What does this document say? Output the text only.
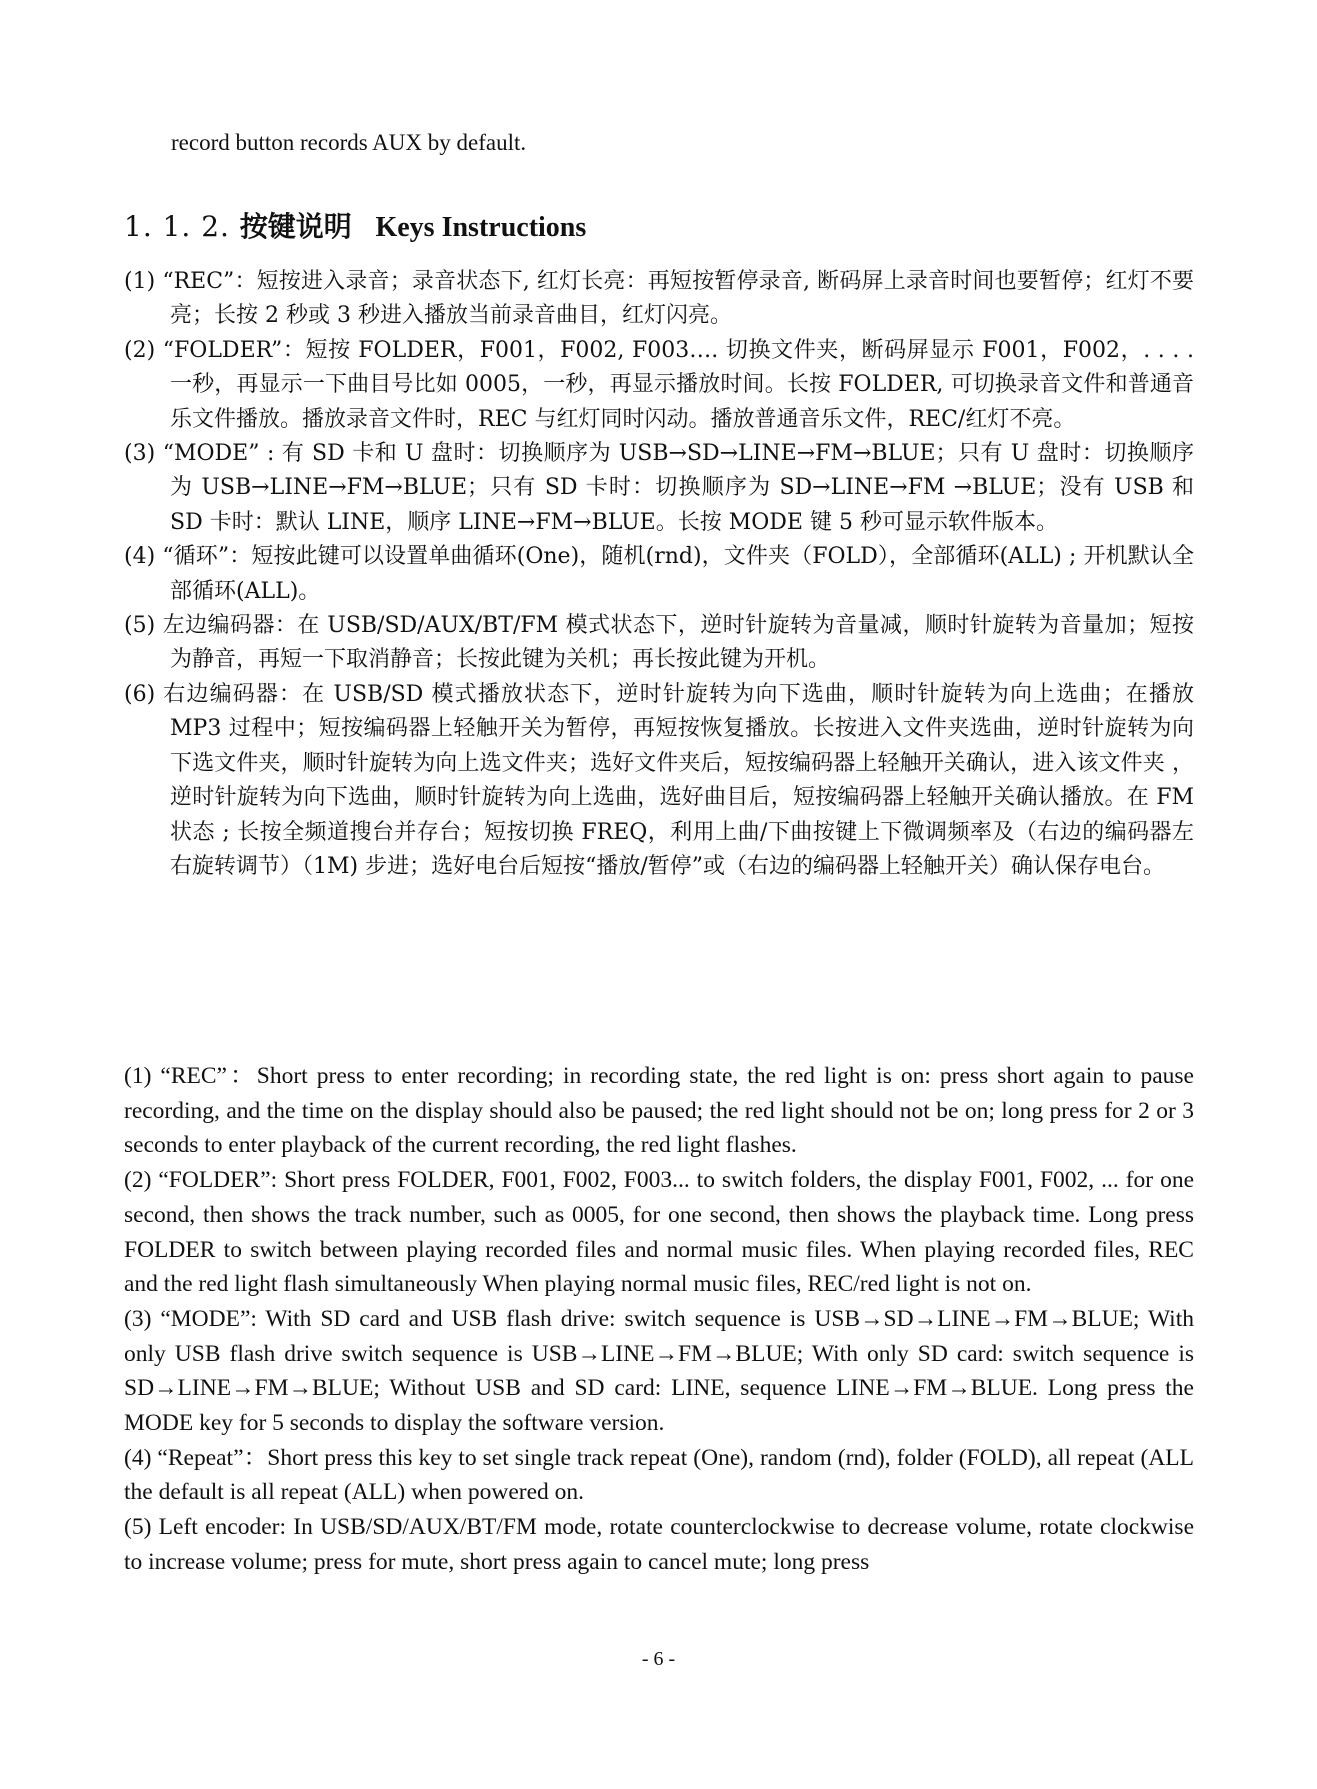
record button records AUX by default.

1. 1. 2. 按键说明 Keys Instructions
(1) “REC”：短按进入录音；录音状态下, 红灯长亮：再短按暂停录音, 断码屏上录音时间也要暂停；红灯不要亮；长按 2 秒或 3 秒进入播放当前录音曲目，红灯闪亮。
(2) “FOLDER”：短按 FOLDER，F001，F002, F003…. 切换文件夹，断码屏显示 F001，F002，. . . . 一秒，再显示一下曲目号比如 0005，一秒，再显示播放时间。长按 FOLDER, 可切换录音文件和普通音乐文件播放。播放录音文件时，REC 与红灯同时闪动。播放普通音乐文件，REC/红灯不亮。
(3) “MODE” : 有 SD 卡和 U 盘时：切换顺序为 USB→SD→LINE→FM→BLUE；只有 U 盘时：切换顺序为 USB→LINE→FM→BLUE；只有 SD 卡时：切换顺序为 SD→LINE→FM →BLUE；没有 USB 和 SD 卡时：默认 LINE，顺序 LINE→FM→BLUE。长按 MODE 键 5 秒可显示软件版本。
(4) “循环”：短按此键可以设置单曲循环(One)，随机(rnd)，文件夹（FOLD），全部循环(ALL) ; 开机默认全部循环(ALL)。
(5) 左边编码器：在 USB/SD/AUX/BT/FM 模式状态下，逆时针旋转为音量减，顺时针旋转为音量加；短按为静音，再短一下取消静音；长按此键为关机；再长按此键为开机。
(6) 右边编码器：在 USB/SD 模式播放状态下，逆时针旋转为向下选曲，顺时针旋转为向上选曲；在播放 MP3 过程中；短按编码器上轻触开关为暂停，再短按恢复播放。长按进入文件夹选曲，逆时针旋转为向下选文件夹，顺时针旋转为向上选文件夹；选好文件夹后，短按编码器上轻触开关确认，进入该文件夹 ，逆时针旋转为向下选曲，顺时针旋转为向上选曲，选好曲目后，短按编码器上轻触开关确认播放。在 FM 状态 ; 长按全频道搜台并存台；短按切换 FREQ，利用上曲/下曲按键上下微调频率及（右边的编码器左右旋转调节）（1M) 步进；选好电台后短按“播放/暂停”或（右边的编码器上轻触开关）确认保存电台。
(1) “REC”：Short press to enter recording; in recording state, the red light is on: press short again to pause recording, and the time on the display should also be paused; the red light should not be on; long press for 2 or 3 seconds to enter playback of the current recording, the red light flashes.
(2) “FOLDER”: Short press FOLDER, F001, F002, F003... to switch folders, the display F001, F002, ... for one second, then shows the track number, such as 0005, for one second, then shows the playback time. Long press FOLDER to switch between playing recorded files and normal music files. When playing recorded files, REC and the red light flash simultaneously When playing normal music files, REC/red light is not on.
(3) “MODE”: With SD card and USB flash drive: switch sequence is USB→SD→LINE→FM→BLUE; With only USB flash drive switch sequence is USB→LINE→FM→BLUE; With only SD card: switch sequence is SD→LINE→FM→BLUE; Without USB and SD card: LINE, sequence LINE→FM→BLUE. Long press the MODE key for 5 seconds to display the software version.
(4) “Repeat”：Short press this key to set single track repeat (One), random (rnd), folder (FOLD), all repeat (ALL the default is all repeat (ALL) when powered on.
(5) Left encoder: In USB/SD/AUX/BT/FM mode, rotate counterclockwise to decrease volume, rotate clockwise to increase volume; press for mute, short press again to cancel mute; long press
- 6 -
